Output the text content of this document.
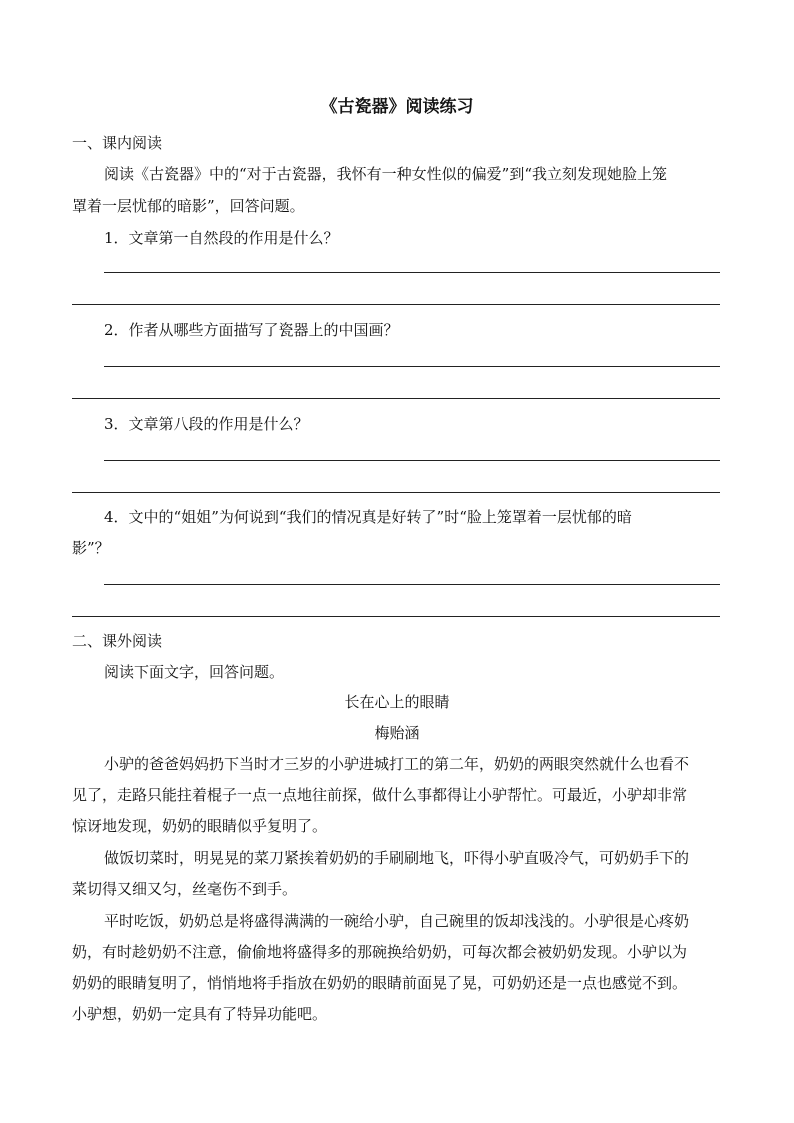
《古瓷器》阅读练习
一、课内阅读
阅读《古瓷器》中的“对于古瓷器，我怀有一种女性似的偏爱”到“我立刻发现她脸上笼
罩着一层忧郁的暗影”，回答问题。
1．文章第一自然段的作用是什么？
2．作者从哪些方面描写了瓷器上的中国画？
3．文章第八段的作用是什么？
4．文中的“姐姐”为何说到“我们的情况真是好转了”时“脸上笼罩着一层忧郁的暗
影”？
二、课外阅读
阅读下面文字，回答问题。
长在心上的眼睛
梅贻涵
小驴的爸爸妈妈扔下当时才三岁的小驴进城打工的第二年，奶奶的两眼突然就什么也看不
见了，走路只能拄着棍子一点一点地往前探，做什么事都得让小驴帮忙。可最近，小驴却非常
惊讶地发现，奶奶的眼睛似乎复明了。
做饭切菜时，明晃晃的菜刀紧挨着奶奶的手刷刷地飞，吓得小驴直吸冷气，可奶奶手下的
菜切得又细又匀，丝毫伤不到手。
平时吃饭，奶奶总是将盛得满满的一碗给小驴，自己碗里的饭却浅浅的。小驴很是心疼奶
奶，有时趁奶奶不注意，偷偷地将盛得多的那碗换给奶奶，可每次都会被奶奶发现。小驴以为
奶奶的眼睛复明了，悄悄地将手指放在奶奶的眼睛前面晃了晃，可奶奶还是一点也感觉不到。
小驴想，奶奶一定具有了特异功能吧。
